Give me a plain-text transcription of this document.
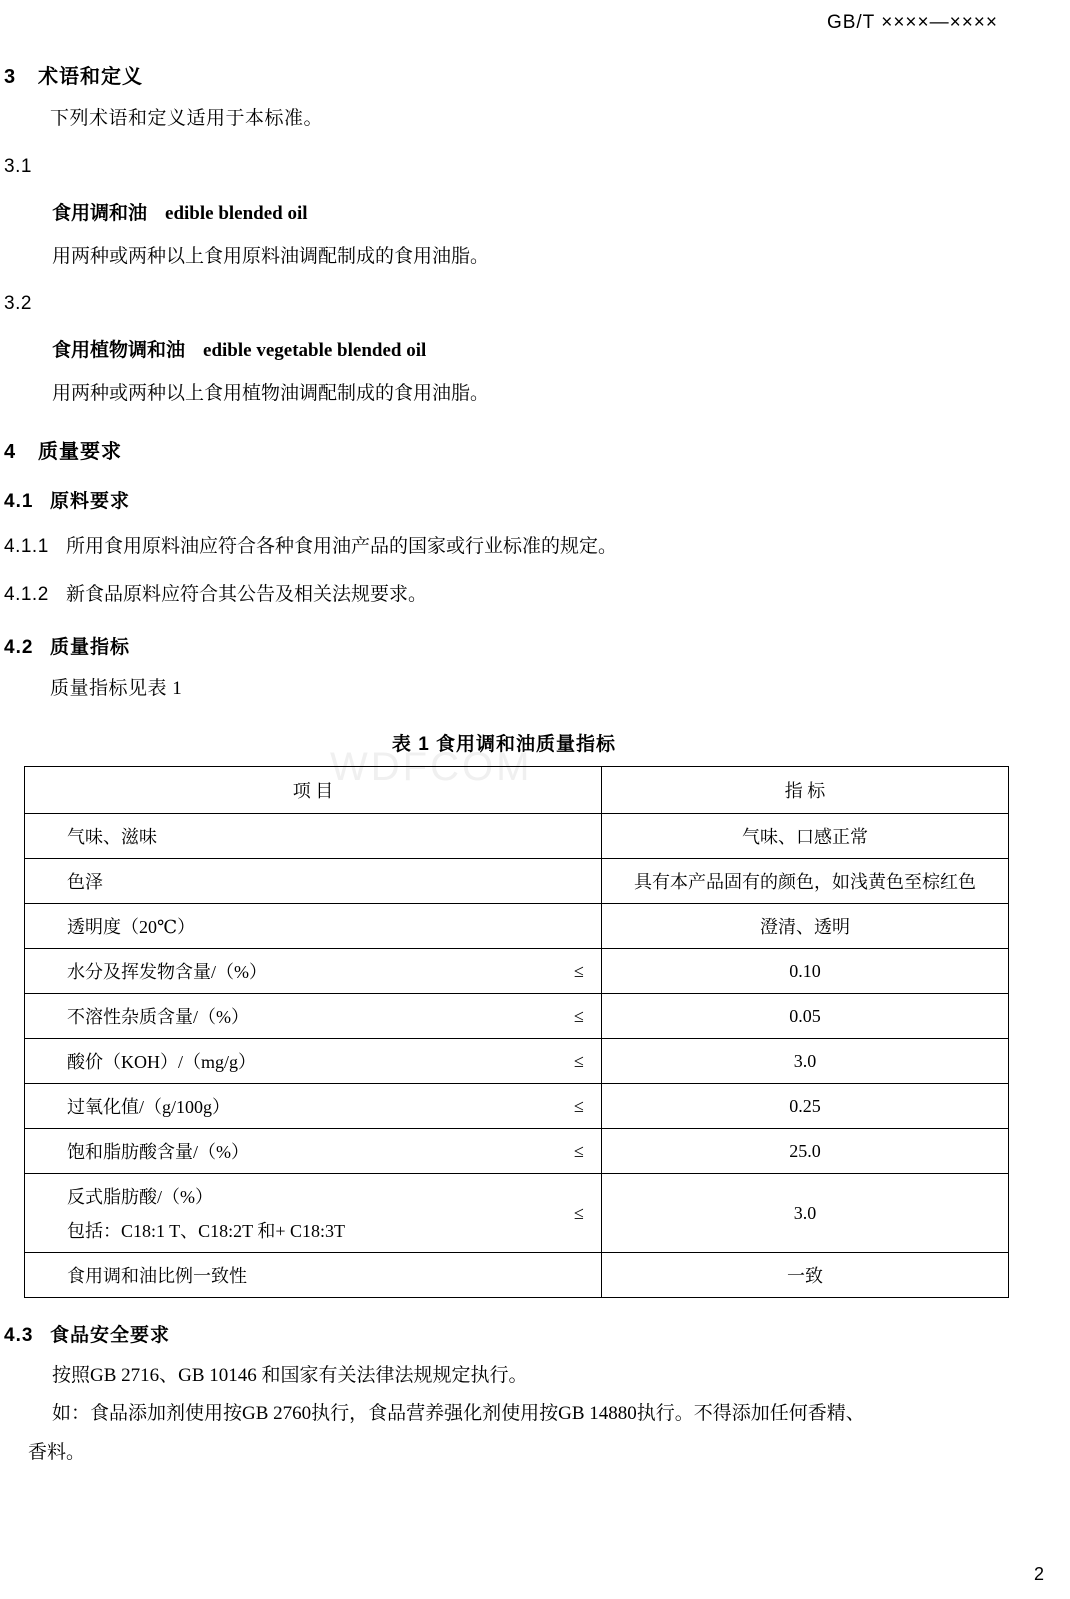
WDFCOM
GB/T ××××—××××
3 术语和定义
下列术语和定义适用于本标准。
3.1
食用调和油 edible blended oil
用两种或两种以上食用原料油调配制成的食用油脂。
3.2
食用植物调和油 edible vegetable blended oil
用两种或两种以上食用植物油调配制成的食用油脂。
4 质量要求
4.1 原料要求
4.1.1 所用食用原料油应符合各种食用油产品的国家或行业标准的规定。
4.1.2 新食品原料应符合其公告及相关法规要求。
4.2 质量指标
质量指标见表 1
表 1 食用调和油质量指标
项 目		指 标
气味、滋味		气味、口感正常
色泽		具有本产品固有的颜色，如浅黄色至棕红色
透明度（20℃）		澄清、透明
水分及挥发物含量/（%）	≤	0.10
不溶性杂质含量/（%）	≤	0.05
酸价（KOH）/（mg/g）	≤	3.0
过氧化值/（g/100g）	≤	0.25
饱和脂肪酸含量/（%）	≤	25.0

反式脂肪酸/（%）
包括：C18:1 T、C18:2T 和+ C18:3T	≤	3.0
食用调和油比例一致性		一致
4.3 食品安全要求
按照GB 2716、GB 10146 和国家有关法律法规规定执行。
如：食品添加剂使用按GB 2760执行，食品营养强化剂使用按GB 14880执行。不得添加任何香精、
香料。
2
